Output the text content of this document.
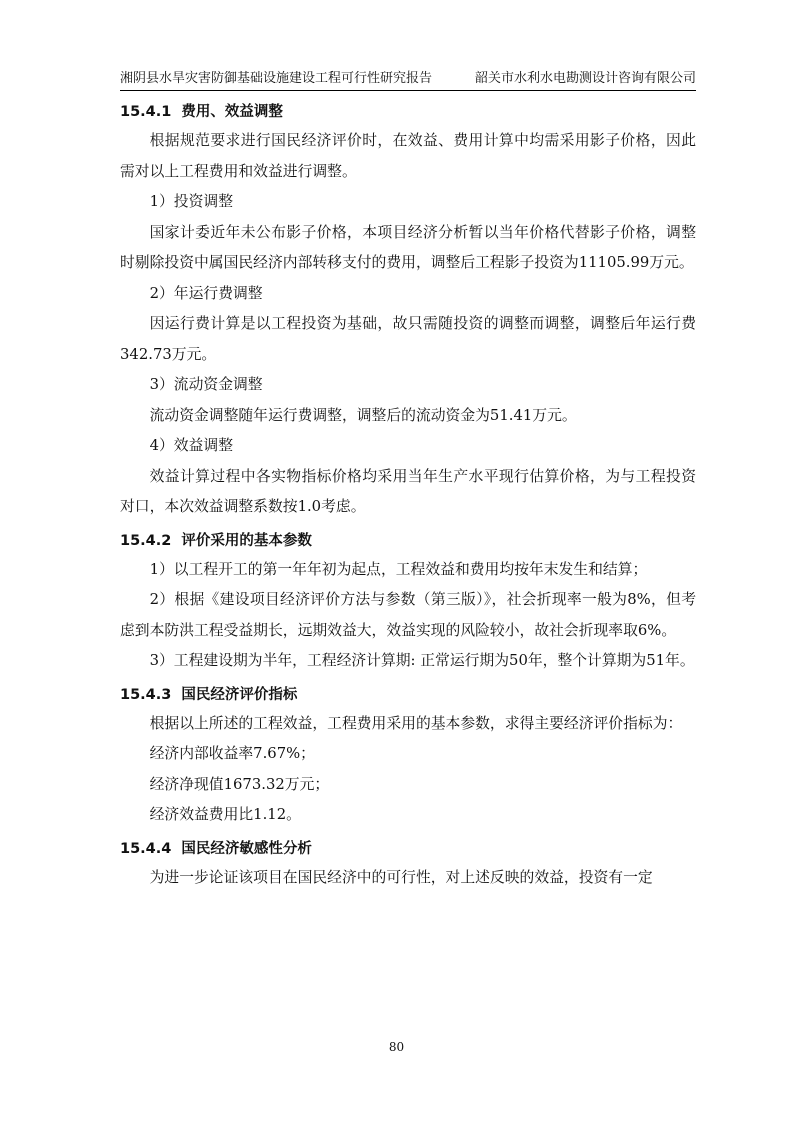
湘阴县水旱灾害防御基础设施建设工程可行性研究报告	韶关市水利水电勘测设计咨询有限公司
15.4.1 费用、效益调整

根据规范要求进行国民经济评价时，在效益、费用计算中均需采用影子价格，因此需对以上工程费用和效益进行调整。

1）投资调整

国家计委近年未公布影子价格，本项目经济分析暂以当年价格代替影子价格，调整时剔除投资中属国民经济内部转移支付的费用，调整后工程影子投资为11105.99万元。

2）年运行费调整

因运行费计算是以工程投资为基础，故只需随投资的调整而调整，调整后年运行费342.73万元。

3）流动资金调整

流动资金调整随年运行费调整，调整后的流动资金为51.41万元。

4）效益调整

效益计算过程中各实物指标价格均采用当年生产水平现行估算价格，为与工程投资对口，本次效益调整系数按1.0考虑。

15.4.2 评价采用的基本参数

1）以工程开工的第一年年初为起点，工程效益和费用均按年末发生和结算；

2）根据《建设项目经济评价方法与参数（第三版）》，社会折现率一般为8%，但考虑到本防洪工程受益期长，远期效益大，效益实现的风险较小，故社会折现率取6%。

3）工程建设期为半年，工程经济计算期: 正常运行期为50年，整个计算期为51年。

15.4.3 国民经济评价指标

根据以上所述的工程效益，工程费用采用的基本参数，求得主要经济评价指标为：

经济内部收益率7.67%；

经济净现值1673.32万元；

经济效益费用比1.12。

15.4.4 国民经济敏感性分析

为进一步论证该项目在国民经济中的可行性，对上述反映的效益，投资有一定

80
